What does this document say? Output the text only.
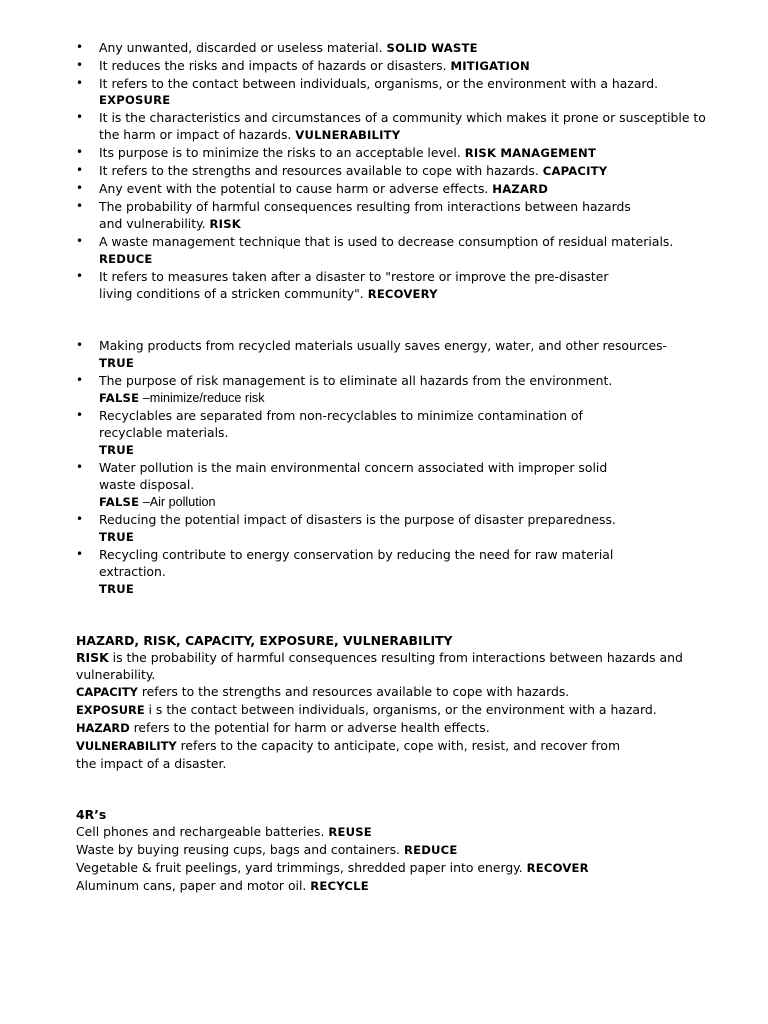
• Any unwanted, discarded or useless material. SOLID WASTE
• It reduces the risks and impacts of hazards or disasters. MITIGATION
• It refers to the contact between individuals, organisms, or the environment with a hazard.
EXPOSURE
• It is the characteristics and circumstances of a community which makes it prone or susceptible to the harm or impact of hazards. VULNERABILITY
• Its purpose is to minimize the risks to an acceptable level. RISK MANAGEMENT
• It refers to the strengths and resources available to cope with hazards. CAPACITY
• Any event with the potential to cause harm or adverse effects. HAZARD
• The probability of harmful consequences resulting from interactions between hazards and vulnerability. RISK
• A waste management technique that is used to decrease consumption of residual materials. REDUCE
• It refers to measures taken after a disaster to "restore or improve the pre-disaster living conditions of a stricken community". RECOVERY
• Making products from recycled materials usually saves energy, water, and other resources-
TRUE
• The purpose of risk management is to eliminate all hazards from the environment.
FALSE –minimize/reduce risk
• Recyclables are separated from non-recyclables to minimize contamination of recyclable materials.
TRUE
• Water pollution is the main environmental concern associated with improper solid waste disposal.
FALSE –Air pollution
• Reducing the potential impact of disasters is the purpose of disaster preparedness.
TRUE
• Recycling contribute to energy conservation by reducing the need for raw material extraction.
TRUE

HAZARD, RISK, CAPACITY, EXPOSURE, VULNERABILITY

RISK is the probability of harmful consequences resulting from interactions between hazards and vulnerability.

CAPACITY refers to the strengths and resources available to cope with hazards.

EXPOSURE i s the contact between individuals, organisms, or the environment with a hazard.

HAZARD refers to the potential for harm or adverse health effects.

VULNERABILITY refers to the capacity to anticipate, cope with, resist, and recover from the impact of a disaster.

4R’s

Cell phones and rechargeable batteries. REUSE

Waste by buying reusing cups, bags and containers. REDUCE

Vegetable & fruit peelings, yard trimmings, shredded paper into energy. RECOVER

Aluminum cans, paper and motor oil. RECYCLE
